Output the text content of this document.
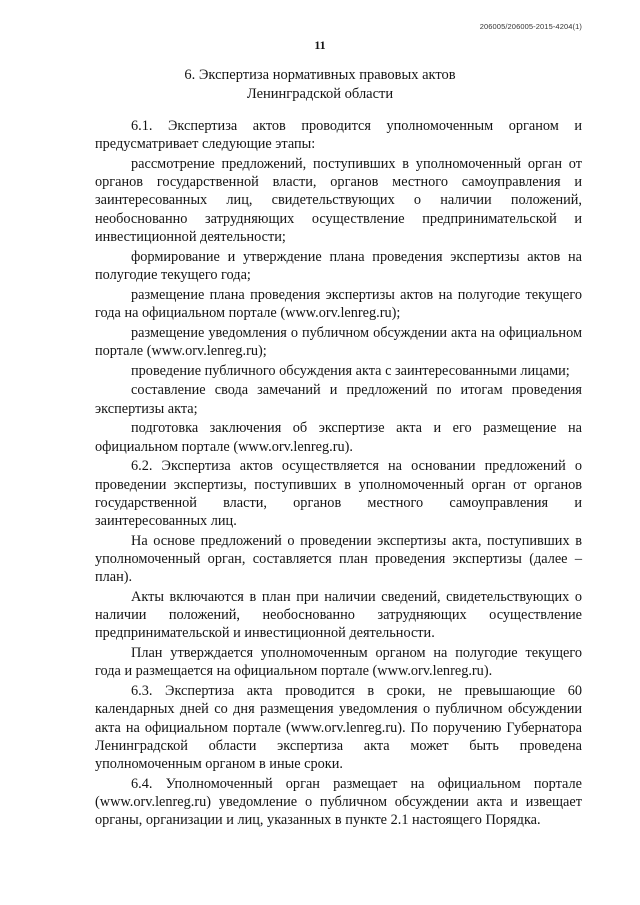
206005/206005-2015-4204(1)
11
6. Экспертиза нормативных правовых актов
Ленинградской области

6.1. Экспертиза актов проводится уполномоченным органом и предусматривает следующие этапы:

рассмотрение предложений, поступивших в уполномоченный орган от органов государственной власти, органов местного самоуправления и заинтересованных лиц, свидетельствующих о наличии положений, необоснованно затрудняющих осуществление предпринимательской и инвестиционной деятельности;

формирование и утверждение плана проведения экспертизы актов на полугодие текущего года;

размещение плана проведения экспертизы актов на полугодие текущего года на официальном портале (www.orv.lenreg.ru);

размещение уведомления о публичном обсуждении акта на официальном портале (www.orv.lenreg.ru);

проведение публичного обсуждения акта с заинтересованными лицами;

составление свода замечаний и предложений по итогам проведения экспертизы акта;

подготовка заключения об экспертизе акта и его размещение на официальном портале (www.orv.lenreg.ru).

6.2. Экспертиза актов осуществляется на основании предложений о проведении экспертизы, поступивших в уполномоченный орган от органов государственной власти, органов местного самоуправления и заинтересованных лиц.

На основе предложений о проведении экспертизы акта, поступивших в уполномоченный орган, составляется план проведения экспертизы (далее – план).

Акты включаются в план при наличии сведений, свидетельствующих о наличии положений, необоснованно затрудняющих осуществление предпринимательской и инвестиционной деятельности.

План утверждается уполномоченным органом на полугодие текущего года и размещается на официальном портале (www.orv.lenreg.ru).

6.3. Экспертиза акта проводится в сроки, не превышающие 60 календарных дней со дня размещения уведомления о публичном обсуждении акта на официальном портале (www.orv.lenreg.ru). По поручению Губернатора Ленинградской области экспертиза акта может быть проведена уполномоченным органом в иные сроки.

6.4. Уполномоченный орган размещает на официальном портале (www.orv.lenreg.ru) уведомление о публичном обсуждении акта и извещает органы, организации и лиц, указанных в пункте 2.1 настоящего Порядка.
